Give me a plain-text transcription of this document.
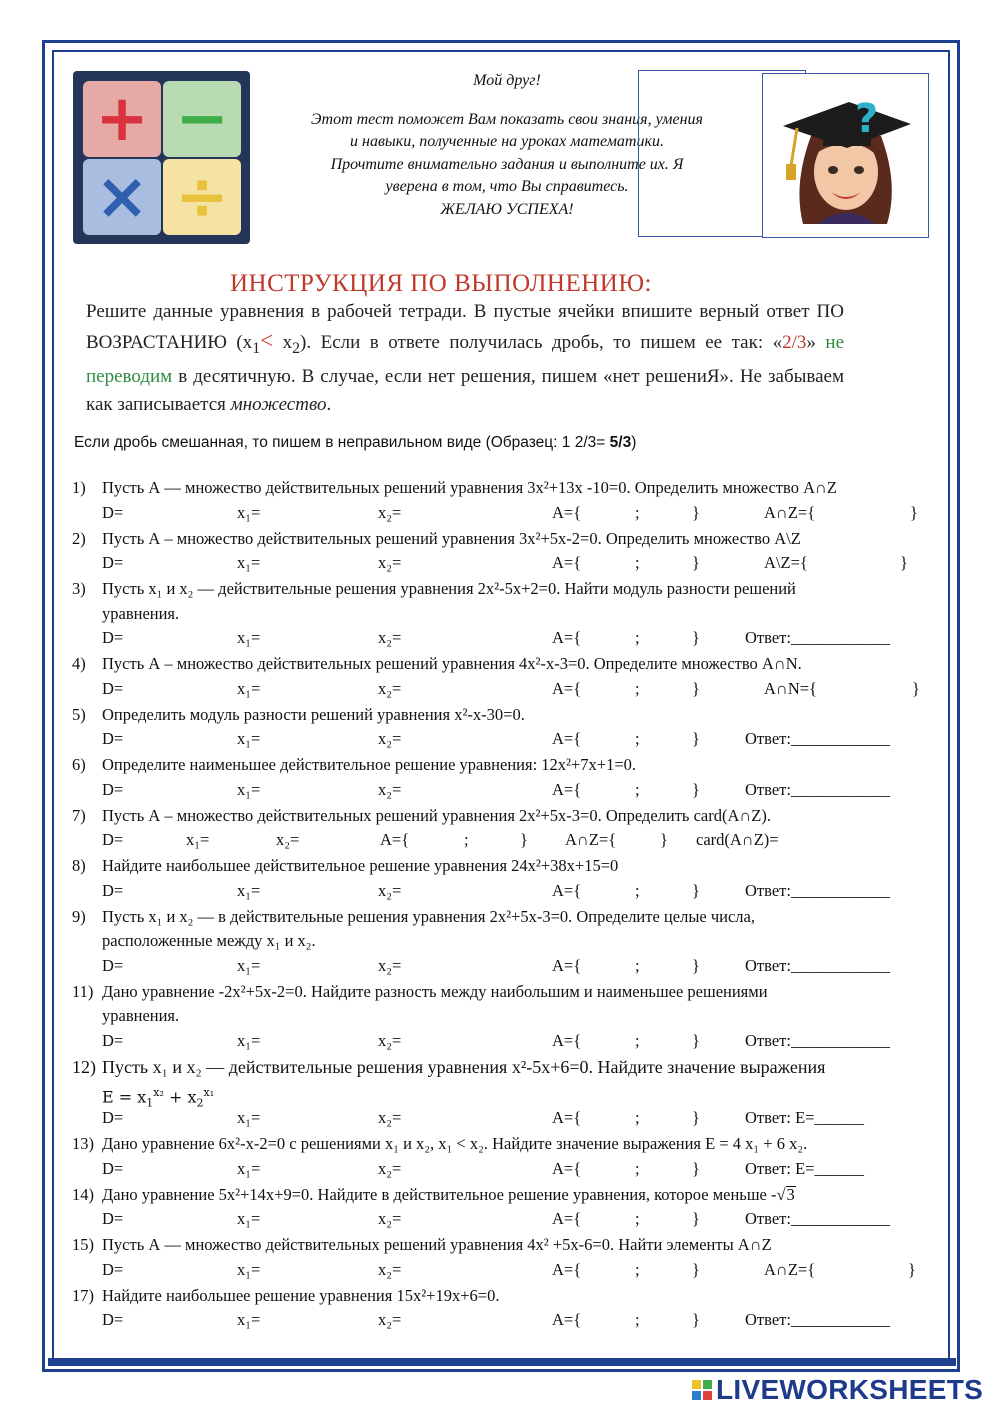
+ −
× ÷

Мой друг!

Этот тест поможет Вам показать свои знания, умения

и навыки, полученные на уроках математики.

Прочтите внимательно задания и выполните их. Я

уверена в том, что Вы справитесь.

ЖЕЛАЮ УСПЕХА!

?
ИНСТРУКЦИЯ ПО ВЫПОЛНЕНИЮ:
Решите данные уравнения в рабочей тетради. В пустые ячейки впишите верный ответ ПО ВОЗРАСТАНИЮ $(x_1< x_2)$. Если в ответе получилась дробь, то пишем ее так: «2/3» не переводим в десятичную. В случае, если нет решения, пишем «нет решениЯ». Не забываем как записывается множество.
Если дробь смешанная, то пишем в неправильном виде (Образец: 1 2/3= 5/3)
1) Пусть А — множество действительных решений уравнения 3x²+13x -10=0. Определить множество А∩Z
D=	x₁=	x₂=	A={	;	}	A∩Z={	}
2) Пусть А – множество действительных решений уравнения 3x²+5x-2=0. Определить множество А\Z
D=	x₁=	x₂=	A={	;	}	A\Z={	}
3) Пусть x₁ и x₂ — действительные решения уравнения 2x²-5x+2=0. Найти модуль разности решений
уравнения.
D=	x₁=	x₂=	A={	;	}	Ответ:____________
4) Пусть А – множество действительных решений уравнения 4x²-x-3=0. Определите множество А∩N.
D=	x₁=	x₂=	A={	;	}	A∩N={	}
5) Определить модуль разности решений уравнения x²-x-30=0.
D=	x₁=	x₂=	A={	;	}	Ответ:____________
6) Определите наименьшее действительное решение уравнения: 12x²+7x+1=0.
D=	x₁=	x₂=	A={	;	}	Ответ:____________
7) Пусть А – множество действительных решений уравнения 2x²+5x-3=0. Определить card(A∩Z).
D=	x₁=	x₂=	A={	;	} A∩Z={	} card(A∩Z)=
8) Найдите наибольшее действительное решение уравнения 24x²+38x+15=0
D=	x₁=	x₂=	A={	;	}	Ответ:____________
9) Пусть x₁ и x₂ — в действительные решения уравнения 2x²+5x-3=0. Определите целые числа,
расположенные между x₁ и x₂.
D=	x₁=	x₂=	A={	;	}	Ответ:____________
11) Дано уравнение -2x²+5x-2=0. Найдите разность между наибольшим и наименьшее решениями
уравнения.
D=	x₁=	x₂=	A={	;	}	Ответ:____________
12) Пусть x₁ и x₂ — действительные решения уравнения x²-5x+6=0. Найдите значение выражения
$E = x_1^{x_2} + x_2^{x_1}$
D=	x₁=	x₂=	A={	;	}	Ответ: E=______
13) Дано уравнение 6x²-x-2=0 с решениями x₁ и x₂, x₁ < x₂. Найдите значение выражения E = 4 x₁ + 6 x₂.
D=	x₁=	x₂=	A={	;	}	Ответ: E=______
14) Дано уравнение 5x²+14x+9=0. Найдите в действительное решение уравнения, которое меньше -√3
D=	x₁=	x₂=	A={	;	}	Ответ:____________
15) Пусть А — множество действительных решений уравнения 4x² +5x-6=0. Найти элементы A∩Z
D=	x₁=	x₂=	A={	;	}	A∩Z={	}
17) Найдите наибольшее решение уравнения 15x²+19x+6=0.
D=	x₁=	x₂=	A={	;	}	Ответ:____________
LIVEWORKSHEETS
